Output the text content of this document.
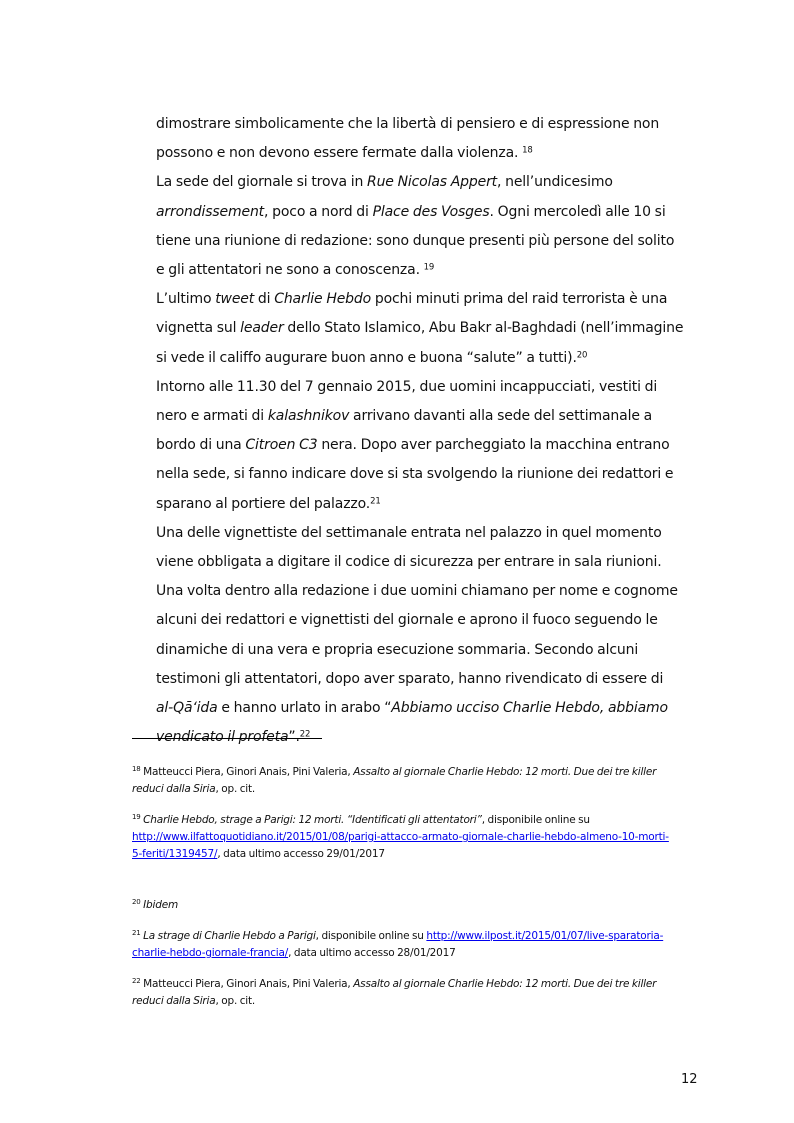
dimostrare simbolicamente che la libertà di pensiero e di espressione non possono e non devono essere fermate dalla violenza. $^{18}$

La sede del giornale si trova in Rue Nicolas Appert, nell’undicesimo arrondissement, poco a nord di Place des Vosges. Ogni mercoledì alle 10 si tiene una riunione di redazione: sono dunque presenti più persone del solito e gli attentatori ne sono a conoscenza. $^{19}$

L’ultimo tweet di Charlie Hebdo pochi minuti prima del raid terrorista è una vignetta sul leader dello Stato Islamico, Abu Bakr al-Baghdadi (nell’immagine si vede il califfo augurare buon anno e buona “salute” a tutti).$^{20}$

Intorno alle 11.30 del 7 gennaio 2015, due uomini incappucciati, vestiti di nero e armati di kalashnikov arrivano davanti alla sede del settimanale a bordo di una Citroen C3 nera. Dopo aver parcheggiato la macchina entrano nella sede, si fanno indicare dove si sta svolgendo la riunione dei redattori e sparano al portiere del palazzo.$^{21}$

Una delle vignettiste del settimanale entrata nel palazzo in quel momento viene obbligata a digitare il codice di sicurezza per entrare in sala riunioni. Una volta dentro alla redazione i due uomini chiamano per nome e cognome alcuni dei redattori e vignettisti del giornale e aprono il fuoco seguendo le dinamiche di una vera e propria esecuzione sommaria. Secondo alcuni testimoni gli attentatori, dopo aver sparato, hanno rivendicato di essere di al-Qā‘ida e hanno urlato in arabo “Abbiamo ucciso Charlie Hebdo, abbiamo vendicato il profeta”.$^{22}$

$^{18}$ Matteucci Piera, Ginori Anais, Pini Valeria, Assalto al giornale Charlie Hebdo: 12 morti. Due dei tre killer reduci dalla Siria, op. cit.

$^{19}$ Charlie Hebdo, strage a Parigi: 12 morti. “Identificati gli attentatori”, disponibile online su http://www.ilfattoquotidiano.it/2015/01/08/parigi-attacco-armato-giornale-charlie-hebdo-almeno-10-morti-5-feriti/1319457/, data ultimo accesso 29/01/2017

$^{20}$ Ibidem

$^{21}$ La strage di Charlie Hebdo a Parigi, disponibile online su http://www.ilpost.it/2015/01/07/live-sparatoria-charlie-hebdo-giornale-francia/, data ultimo accesso 28/01/2017

$^{22}$ Matteucci Piera, Ginori Anais, Pini Valeria, Assalto al giornale Charlie Hebdo: 12 morti. Due dei tre killer reduci dalla Siria, op. cit.

12
